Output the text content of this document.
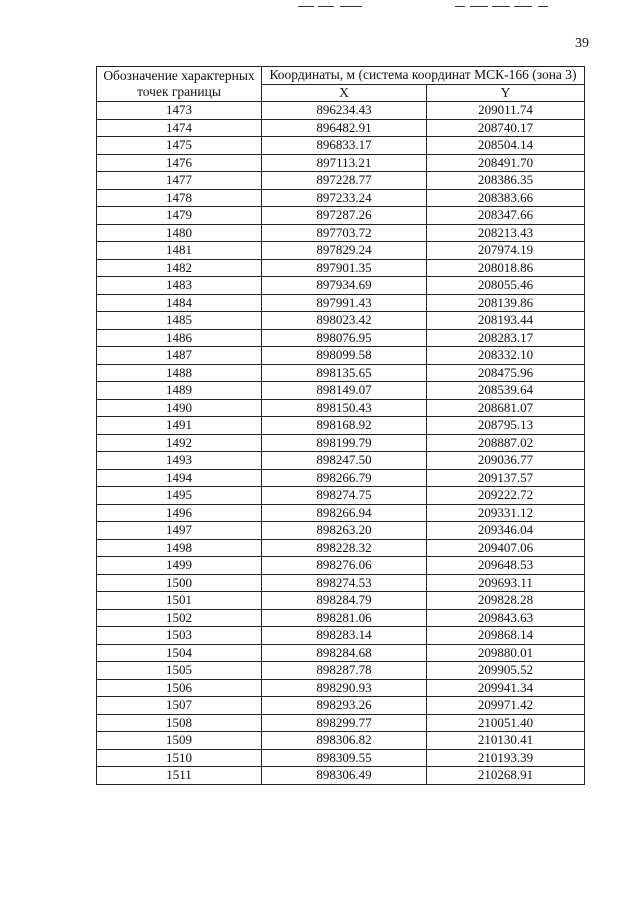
39
Обозначение характерных точек границы	Координаты, м (система координат МСК-166 (зона 3)	
	X	Y
1473	896234.43	209011.74
1474	896482.91	208740.17
1475	896833.17	208504.14
1476	897113.21	208491.70
1477	897228.77	208386.35
1478	897233.24	208383.66
1479	897287.26	208347.66
1480	897703.72	208213.43
1481	897829.24	207974.19
1482	897901.35	208018.86
1483	897934.69	208055.46
1484	897991.43	208139.86
1485	898023.42	208193.44
1486	898076.95	208283.17
1487	898099.58	208332.10
1488	898135.65	208475.96
1489	898149.07	208539.64
1490	898150.43	208681.07
1491	898168.92	208795.13
1492	898199.79	208887.02
1493	898247.50	209036.77
1494	898266.79	209137.57
1495	898274.75	209222.72
1496	898266.94	209331.12
1497	898263.20	209346.04
1498	898228.32	209407.06
1499	898276.06	209648.53
1500	898274.53	209693.11
1501	898284.79	209828.28
1502	898281.06	209843.63
1503	898283.14	209868.14
1504	898284.68	209880.01
1505	898287.78	209905.52
1506	898290.93	209941.34
1507	898293.26	209971.42
1508	898299.77	210051.40
1509	898306.82	210130.41
1510	898309.55	210193.39
1511	898306.49	210268.91
